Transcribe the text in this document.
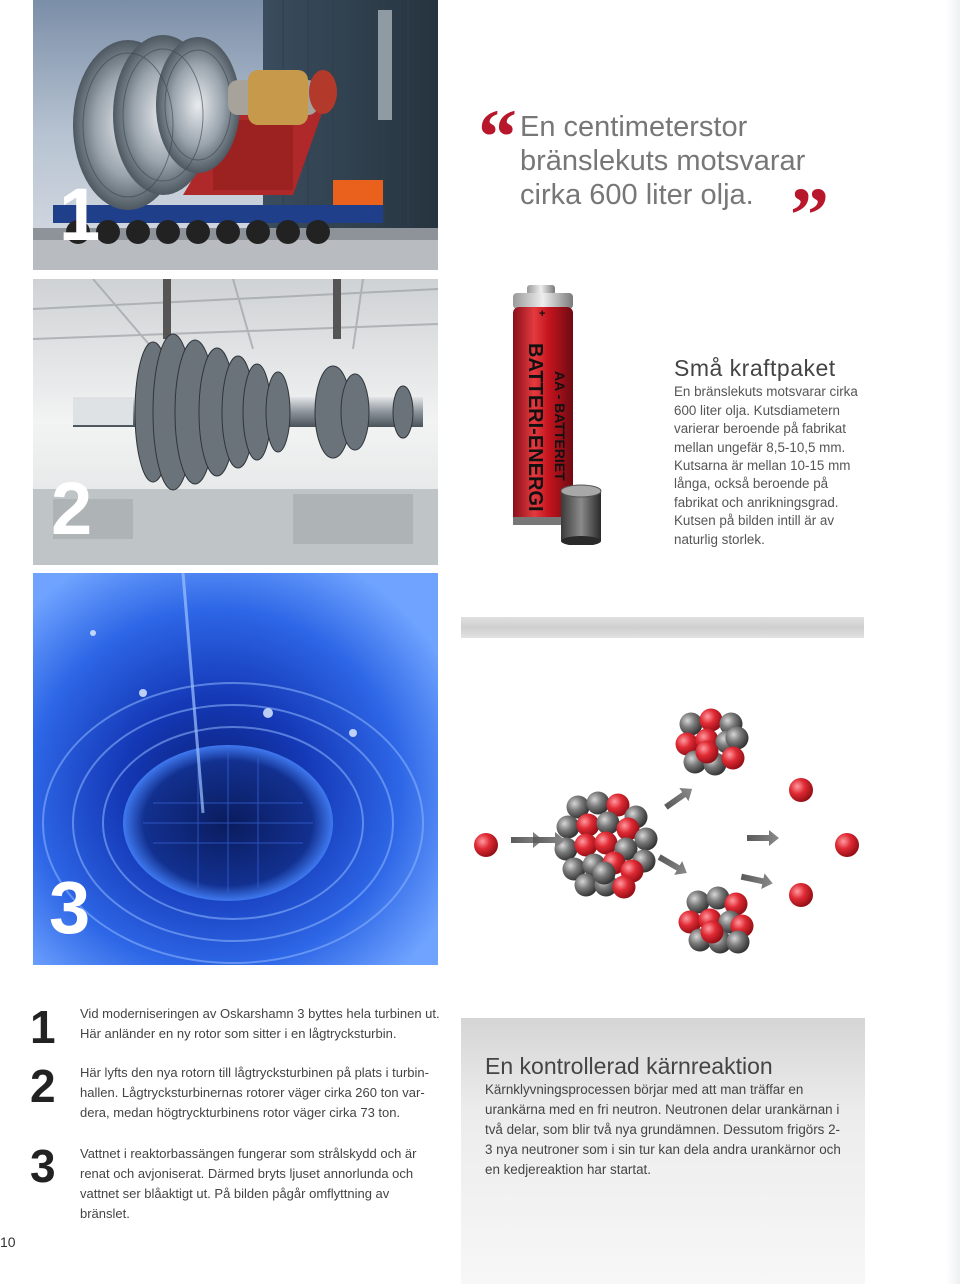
1
2
3
“ En centimeterstor bränslekuts motsvarar cirka 600 liter olja. ”
+
BATTERI-ENERGI AA - BATTERIET
Små kraftpaket
En bränslekuts motsvarar cirka 600 liter olja. Kutsdiametern varierar beroende på fabrikat mellan ungefär 8,5-10,5 mm. Kutsarna är mellan 10-15 mm långa, också beroende på fabrikat och anrikningsgrad. Kutsen på bilden intill är av naturlig storlek.
1 Vid moderniseringen av Oskarshamn 3 byttes hela turbinen ut. Här anländer en ny rotor som sitter i en lågtrycksturbin.
2 Här lyfts den nya rotorn till lågtrycksturbinen på plats i turbinhallen. Lågtrycksturbinernas rotorer väger cirka 260 ton vardera, medan högtryckturbinens rotor väger cirka 73 ton.
3 Vattnet i reaktorbassängen fungerar som strålskydd och är renat och avjoniserat. Därmed bryts ljuset annorlunda och vattnet ser blåaktigt ut. På bilden pågår omflyttning av bränslet.
En kontrollerad kärnreaktion
Kärnklyvningsprocessen börjar med att man träffar en urankärna med en fri neutron. Neutronen delar urankärnan i två delar, som blir två nya grundämnen. Dessutom frigörs 2-3 nya neutroner som i sin tur kan dela andra urankärnor och en kedjereaktion har startat.
10
